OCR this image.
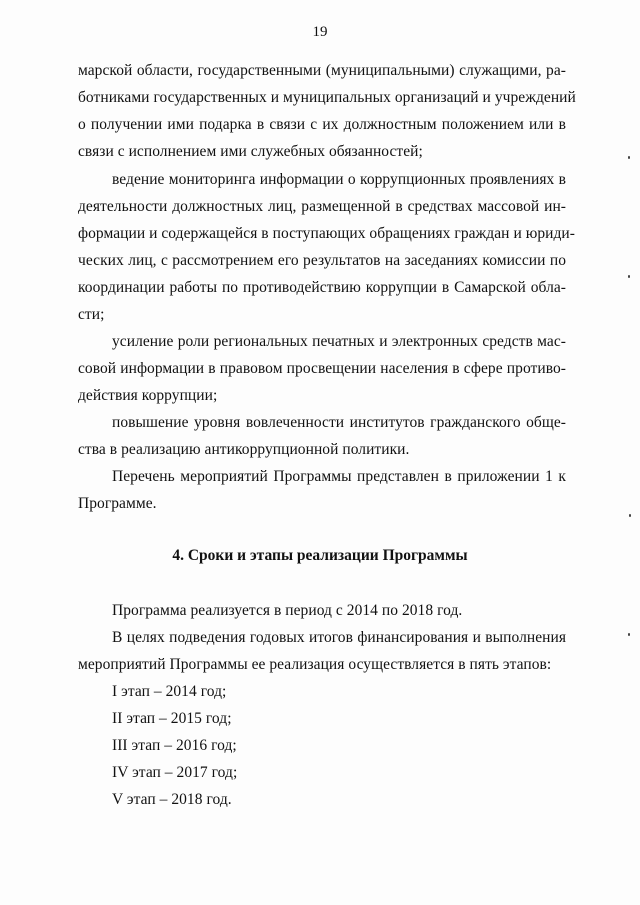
19
марской области, государственными (муниципальными) служащими, ра-
ботниками государственных и муниципальных организаций и учреждений
о получении ими подарка в связи с их должностным положением или в
связи с исполнением ими служебных обязанностей;
ведение мониторинга информации о коррупционных проявлениях в
деятельности должностных лиц, размещенной в средствах массовой ин-
формации и содержащейся в поступающих обращениях граждан и юриди-
ческих лиц, с рассмотрением его результатов на заседаниях комиссии по
координации работы по противодействию коррупции в Самарской обла-
сти;
усиление роли региональных печатных и электронных средств мас-
совой информации в правовом просвещении населения в сфере противо-
действия коррупции;
повышение уровня вовлеченности институтов гражданского обще-
ства в реализацию антикоррупционной политики.
Перечень мероприятий Программы представлен в приложении 1 к
Программе.
4. Сроки и этапы реализации Программы
Программа реализуется в период с 2014 по 2018 год.
В целях подведения годовых итогов финансирования и выполнения
мероприятий Программы ее реализация осуществляется в пять этапов:
I этап – 2014 год;
II этап – 2015 год;
III этап – 2016 год;
IV этап – 2017 год;
V этап – 2018 год.
